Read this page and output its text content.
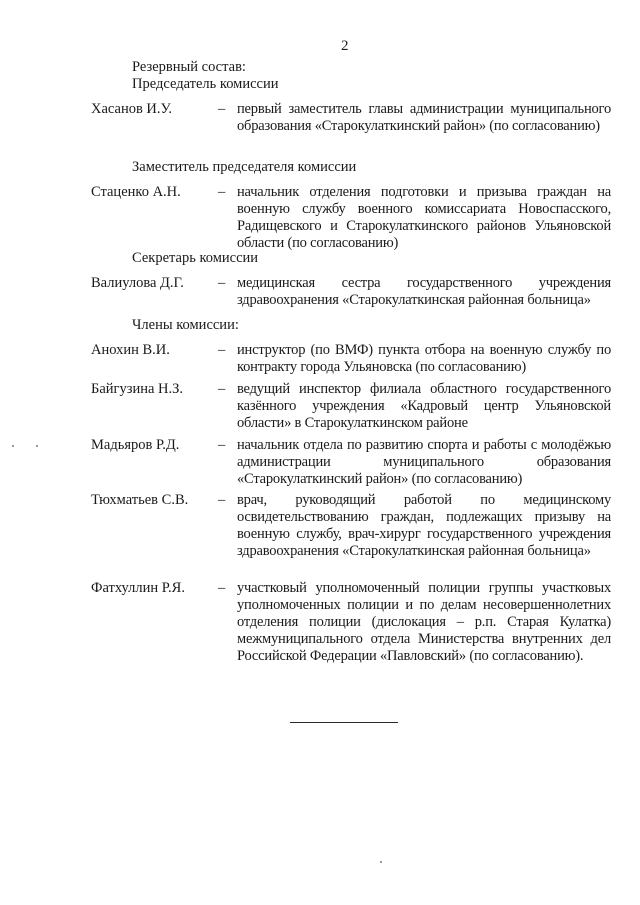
2
Резервный состав:
Председатель комиссии
Хасанов И.У.	– первый заместитель главы администрации муниципального образования «Старокулаткинский район» (по согласованию)
Заместитель председателя комиссии
Стаценко А.Н.	– начальник отделения подготовки и призыва граждан на военную службу военного комиссариата Новоспасского, Радищевского и Старокулаткинского районов Ульяновской области (по согласованию)
Секретарь комиссии
Валиулова Д.Г. – медицинская сестра государственного учреждения здравоохранения «Старокулаткинская районная больница»
Члены комиссии:
Анохин В.И.	– инструктор (по ВМФ) пункта отбора на военную службу по контракту города Ульяновска (по согласованию)
Байгузина Н.З. – ведущий инспектор филиала областного государственного казённого учреждения «Кадровый центр Ульяновской области» в Старокулаткинском районе
Мадьяров Р.Д.	– начальник отдела по развитию спорта и работы с молодёжью администрации муниципального образования «Старокулаткинский район» (по согласованию)
Тюхматьев С.В. – врач, руководящий работой по медицинскому освидетельствованию граждан, подлежащих призыву на военную службу, врач-хирург государственного учреждения здравоохранения «Старокулаткинская районная больница»
Фатхуллин Р.Я. – участковый уполномоченный полиции группы участковых уполномоченных полиции и по делам несовершеннолетних отделения полиции (дислокация – р.п. Старая Кулатка) межмуниципального отдела Министерства внутренних дел Российской Федерации «Павловский» (по согласованию).
